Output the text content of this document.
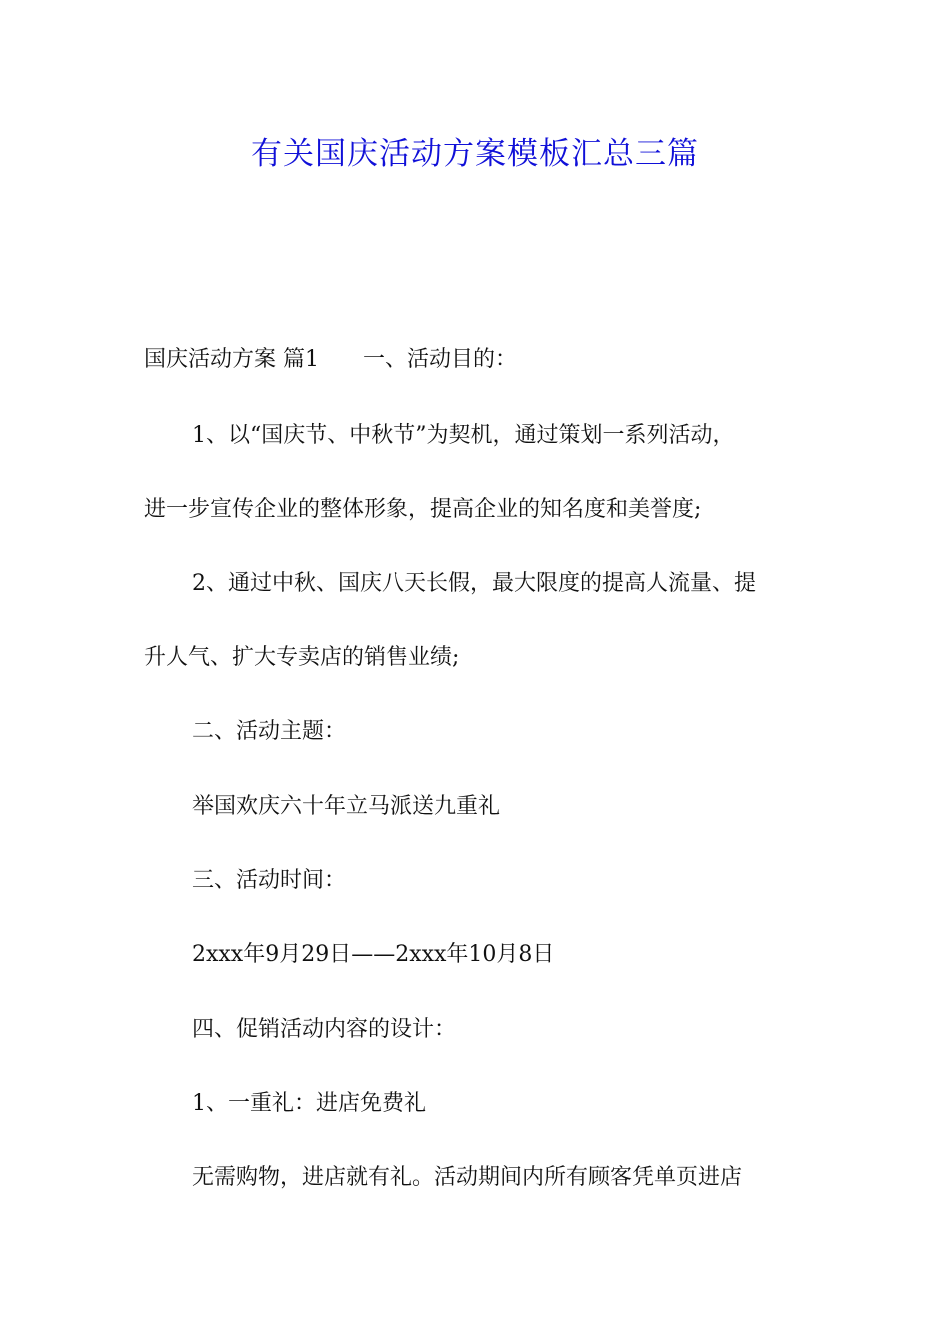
有关国庆活动方案模板汇总三篇
国庆活动方案 篇1 一、活动目的：
1、以“国庆节、中秋节”为契机，通过策划一系列活动，
进一步宣传企业的整体形象，提高企业的知名度和美誉度;
2、通过中秋、国庆八天长假，最大限度的提高人流量、提
升人气、扩大专卖店的销售业绩;
二、活动主题：
举国欢庆六十年立马派送九重礼
三、活动时间：
2xxx年9月29日——2xxx年10月8日
四、促销活动内容的设计：
1、一重礼：进店免费礼
无需购物，进店就有礼。活动期间内所有顾客凭单页进店
